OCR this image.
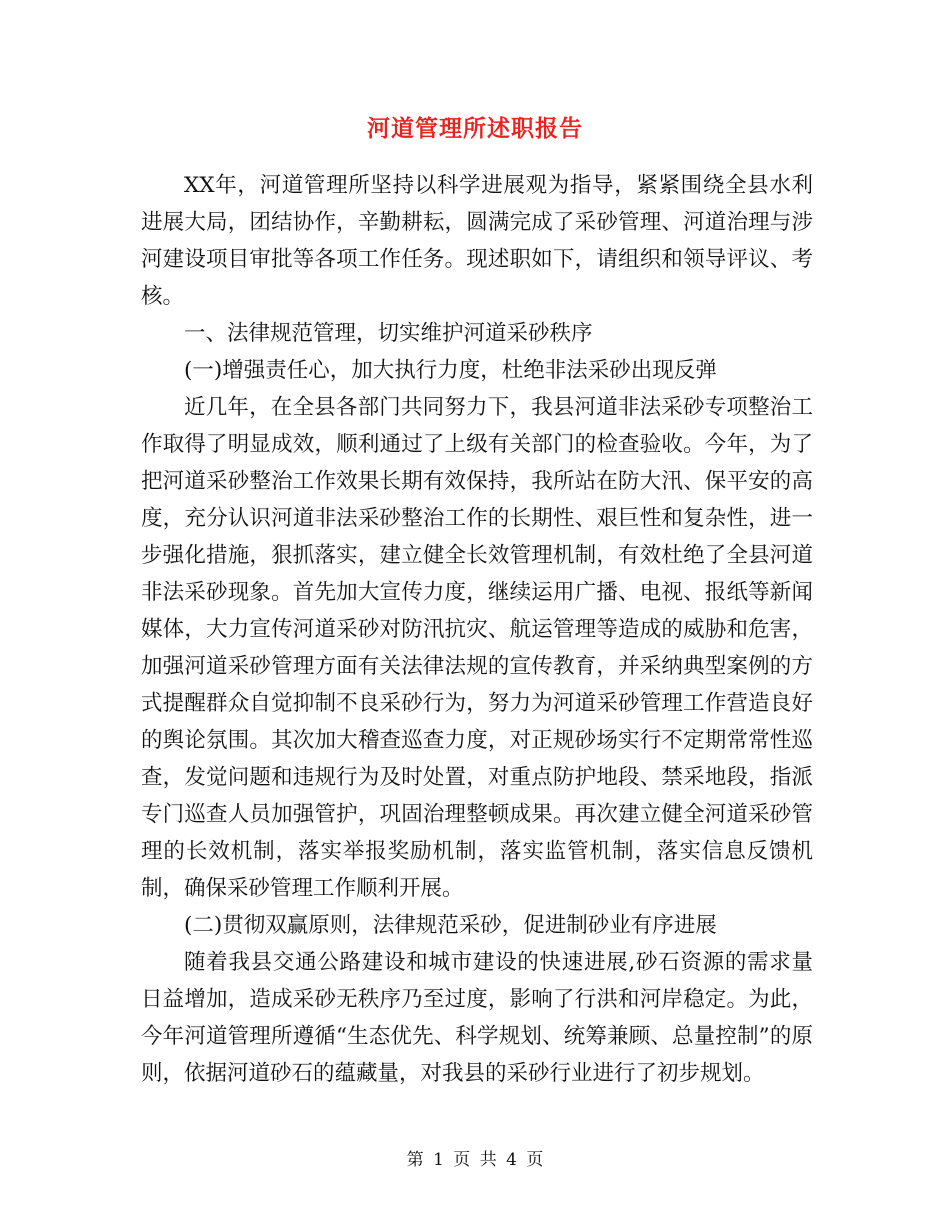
河道管理所述职报告

XX年，河道管理所坚持以科学进展观为指导，紧紧围绕全县水利进展大局，团结协作，辛勤耕耘，圆满完成了采砂管理、河道治理与涉河建设项目审批等各项工作任务。现述职如下，请组织和领导评议、考核。

一、法律规范管理，切实维护河道采砂秩序

(一)增强责任心，加大执行力度，杜绝非法采砂出现反弹

近几年，在全县各部门共同努力下，我县河道非法采砂专项整治工作取得了明显成效，顺利通过了上级有关部门的检查验收。今年，为了把河道采砂整治工作效果长期有效保持，我所站在防大汛、保平安的高度，充分认识河道非法采砂整治工作的长期性、艰巨性和复杂性，进一步强化措施，狠抓落实，建立健全长效管理机制，有效杜绝了全县河道非法采砂现象。首先加大宣传力度，继续运用广播、电视、报纸等新闻媒体，大力宣传河道采砂对防汛抗灾、航运管理等造成的威胁和危害，加强河道采砂管理方面有关法律法规的宣传教育，并采纳典型案例的方式提醒群众自觉抑制不良采砂行为，努力为河道采砂管理工作营造良好的舆论氛围。其次加大稽查巡查力度，对正规砂场实行不定期常常性巡查，发觉问题和违规行为及时处置，对重点防护地段、禁采地段，指派专门巡查人员加强管护，巩固治理整顿成果。再次建立健全河道采砂管理的长效机制，落实举报奖励机制，落实监管机制，落实信息反馈机制，确保采砂管理工作顺利开展。

(二)贯彻双赢原则，法律规范采砂，促进制砂业有序进展

随着我县交通公路建设和城市建设的快速进展,砂石资源的需求量日益增加，造成采砂无秩序乃至过度，影响了行洪和河岸稳定。为此，今年河道管理所遵循“生态优先、科学规划、统筹兼顾、总量控制”的原则，依据河道砂石的蕴藏量，对我县的采砂行业进行了初步规划。

第 1 页 共 4 页
